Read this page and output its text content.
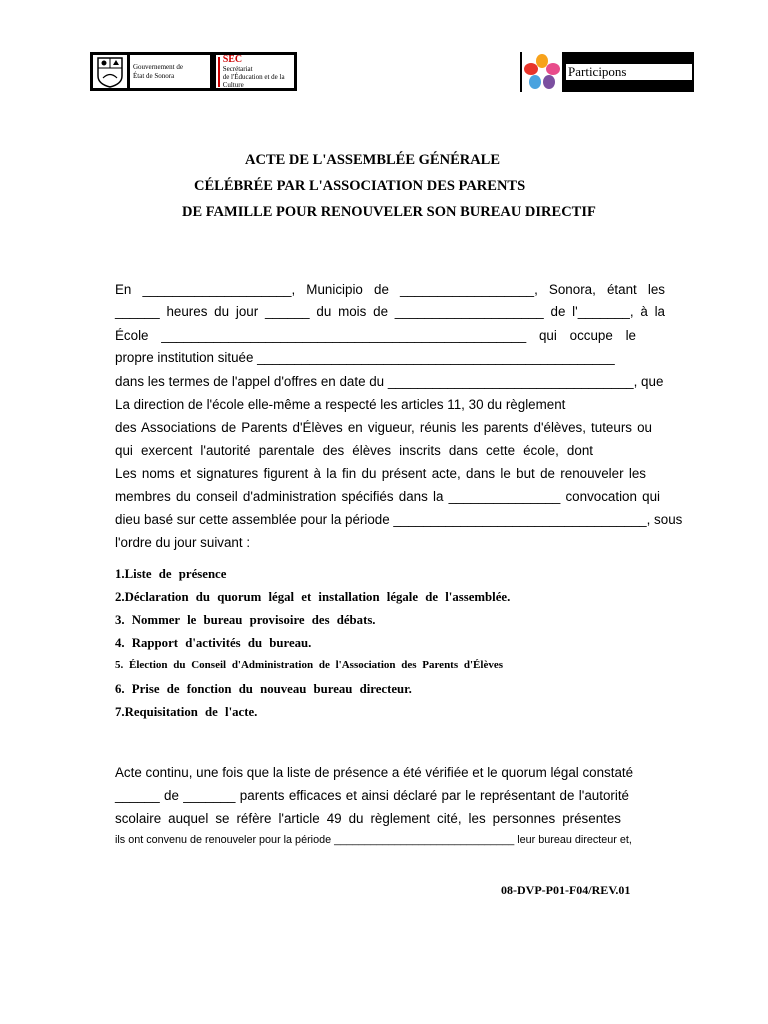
Gouvernement de
État de Sonora
SEC
Secrétariat
de l'Éducation et de la Culture
Participons
ACTE DE L'ASSEMBLÉE GÉNÉRALE
CÉLÉBRÉE PAR L'ASSOCIATION DES PARENTS
DE FAMILLE POUR RENOUVELER SON BUREAU DIRECTIF
En ____________________, Municipio de __________________, Sonora, étant les
______ heures du jour ______ du mois de ____________________ de l'_______, à la
École _________________________________________________ qui occupe le
propre institution située ________________________________________________
dans les termes de l'appel d'offres en date du _________________________________, que
La direction de l'école elle-même a respecté les articles 11, 30 du règlement
des Associations de Parents d'Élèves en vigueur, réunis les parents d'élèves, tuteurs ou
qui exercent l'autorité parentale des élèves inscrits dans cette école, dont
Les noms et signatures figurent à la fin du présent acte, dans le but de renouveler les
membres du conseil d'administration spécifiés dans la _______________ convocation qui
dieu basé sur cette assemblée pour la période __________________________________, sous
l'ordre du jour suivant :
1.Liste de présence
2.Déclaration du quorum légal et installation légale de l'assemblée.
3. Nommer le bureau provisoire des débats.
4. Rapport d'activités du bureau.
5. Élection du Conseil d'Administration de l'Association des Parents d'Élèves
6. Prise de fonction du nouveau bureau directeur.
7.Requisitation de l'acte.
Acte continu, une fois que la liste de présence a été vérifiée et le quorum légal constaté
______ de _______ parents efficaces et ainsi déclaré par le représentant de l'autorité
scolaire auquel se réfère l'article 49 du règlement cité, les personnes présentes
ils ont convenu de renouveler pour la période ______________________________ leur bureau directeur et,
08-DVP-P01-F04/REV.01
